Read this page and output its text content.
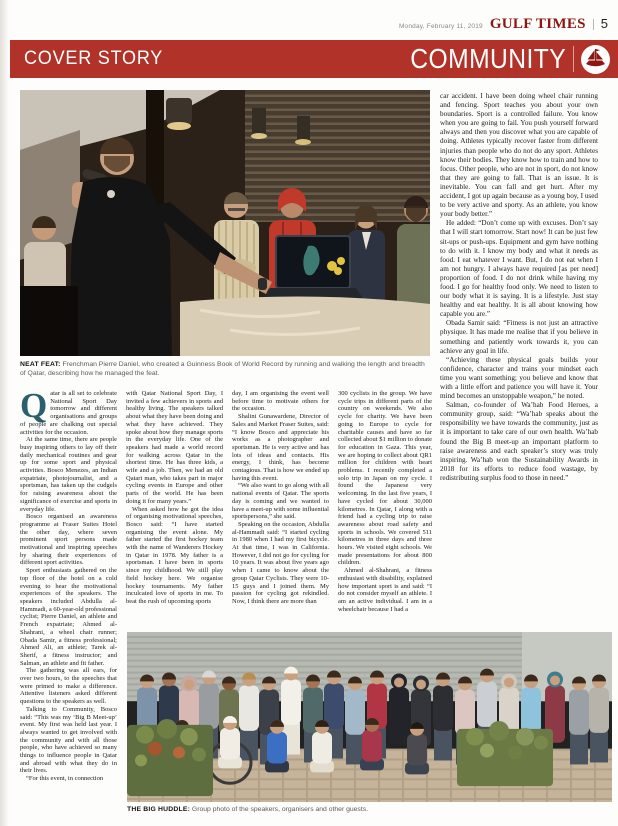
Monday, February 11, 2019 GULF TIMES 5
COVER STORY	COMMUNITY
NEAT FEAT: Frenchman Pierre Daniel, who created a Guinness Book of World Record by running and walking the length and breadth of Qatar, describing how he managed the feat.

Qatar is all set to celebrate National Sport Day tomorrow and different organisations and groups of people are chalking out special activities for the occasion.

At the same time, there are people busy inspiring others to lay off their daily mechanical routines and gear up for some sport and physical activities. Bosco Menezes, an Indian expatriate, photojournalist, and a sportsman, has taken up the cudgels for raising awareness about the significance of exercise and sports in everyday life.

Bosco organised an awareness programme at Fraser Suites Hotel the other day, where seven prominent sport persons made motivational and inspiring speeches by sharing their experiences of different sport activities.

Sport enthusiasts gathered on the top floor of the hotel on a cold evening to hear the motivational experiences of the speakers. The speakers included Abdulla al-Hammadi, a 60-year-old professional cyclist; Pierre Daniel, an athlete and French expatriate; Ahmed al-Shahrani, a wheel chair runner; Obada Samir, a fitness professional; Ahmed Ali, an athlete; Tarek al-Sherif, a fitness instructor; and Salman, an athlete and fit father.

The gathering was all ears, for over two hours, to the speeches that were primed to make a difference. Attentive listeners asked different questions to the speakers as well.

Talking to Community, Bosco said: “This was my ‘Big B Meet-up’ event. My first was held last year. I always wanted to get involved with the community and with all those people, who have achieved so many things to influence people in Qatar and abroad with what they do in their lives.

“For this event, in connection

with Qatar National Sport Day, I invited a few achievers in sports and healthy living. The speakers talked about what they have been doing and what they have achieved. They spoke about how they manage sports in the everyday life. One of the speakers had made a world record for walking across Qatar in the shortest time. He has three kids, a wife and a job. Then, we had an old Qatari man, who takes part in major cycling events in Europe and other parts of the world. He has been doing it for many years.”

When asked how he got the idea of organising motivational speeches, Bosco said: “I have started organising the event alone. My father started the first hockey team with the name of Wanderers Hockey in Qatar in 1978. My father is a sportsman. I have been in sports since my childhood. We still play field hockey here. We organise hockey tournaments. My father inculcated love of sports in me. To beat the rush of upcoming sports

day, I am organising the event well before time to motivate others for the occasion.

Shalini Gunawardene, Director of Sales and Market Fraser Suites, said: “I know Bosco and appreciate his works as a photographer and sportsman. He is very active and has lots of ideas and contacts. His energy, I think, has become contagious. That is how we ended up having this event.

“We also want to go along with all national events of Qatar. The sports day is coming and we wanted to have a meet-up with some influential sportspersons,” she said.

Speaking on the occasion, Abdulla al-Hammadi said: “I started cycling in 1980 when I had my first bicycle. At that time, I was in California. However, I did not go for cycling for 10 years. It was about five years ago when I came to know about the group Qatar Cyclists. They were 10-15 guys and I joined them. My passion for cycling got rekindled. Now, I think there are more than

300 cyclists in the group. We have cycle trips in different parts of the country on weekends. We also cycle for charity. We have been going to Europe to cycle for charitable causes and have so far collected about $1 million to donate for education in Gaza. This year, we are hoping to collect about QR1 million for children with heart problems. I recently completed a solo trip in Japan on my cycle. I found the Japanese very welcoming. In the last five years, I have cycled for about 30,000 kilometres. In Qatar, I along with a friend had a cycling trip to raise awareness about road safety and sports in schools. We covered 511 kilometres in three days and three hours. We visited eight schools. We made presentations for about 800 children.

Ahmed al-Shahrani, a fitness enthusiast with disability, explained how important sport is and said: “I do not consider myself an athlete. I am an active individual. I am in a wheelchair because I had a

car accident. I have been doing wheel chair running and fencing. Sport teaches you about your own boundaries. Sport is a controlled failure. You know when you are going to fail. You push yourself forward always and then you discover what you are capable of doing. Athletes typically recover faster from different injuries than people who do not do any sport. Athletes know their bodies. They know how to train and how to focus. Other people, who are not in sport, do not know that they are going to fall. That is an issue. It is inevitable. You can fall and get hurt. After my accident, I got up again because as a young boy, I used to be very active and sporty. As an athlete, you know your body better.”

He added: “Don’t come up with excuses. Don’t say that I will start tomorrow. Start now! It can be just few sit-ups or push-ups. Equipment and gym have nothing to do with it. I know my body and what it needs as food. I eat whatever I want. But, I do not eat when I am not hungry. I always have required [as per need] proportion of food. I do not drink while having my food. I go for healthy food only. We need to listen to our body what it is saying. It is a lifestyle. Just stay healthy and eat healthy. It is all about knowing how capable you are.”

Obada Samir said: “Fitness is not just an attractive physique. It has made me realise that if you believe in something and patiently work towards it, you can achieve any goal in life.

“Achieving these physical goals builds your confidence, character and trains your mindset each time you want something; you believe and know that with a little effort and patience you will have it. Your mind becomes an unstoppable weapon,” he noted.

Salman, co-founder of Wa’hab Food Heroes, a community group, said: “Wa’hab speaks about the responsibility we have towards the community, just as it is important to take care of our own health. Wa’hab found the Big B meet-up an important platform to raise awareness and each speaker’s story was truly inspiring. Wa’hab won the Sustainability Awards in 2018 for its efforts to reduce food wastage, by redistributing surplus food to those in need.”

THE BIG HUDDLE: Group photo of the speakers, organisers and other guests.
